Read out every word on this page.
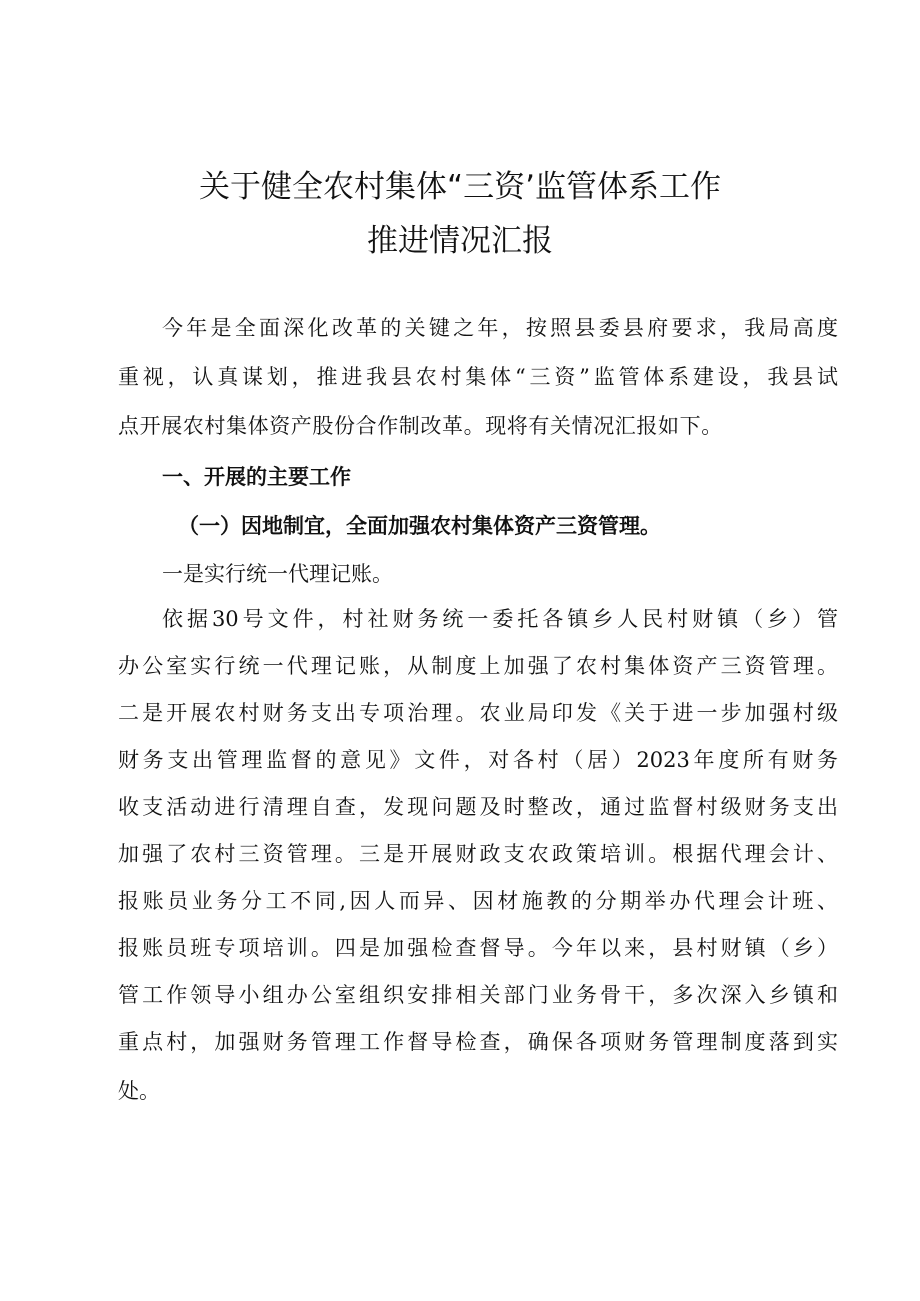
关于健全农村集体“三资’监管体系工作
推进情况汇报

今年是全面深化改革的关键之年，按照县委县府要求，我局高度

重视，认真谋划，推进我县农村集体“三资”监管体系建设，我县试

点开展农村集体资产股份合作制改革。现将有关情况汇报如下。

一、开展的主要工作

（一）因地制宜，全面加强农村集体资产三资管理。

一是实行统一代理记账。

依据30号文件，村社财务统一委托各镇乡人民村财镇（乡）管

办公室实行统一代理记账，从制度上加强了农村集体资产三资管理。

二是开展农村财务支出专项治理。农业局印发《关于进一步加强村级

财务支出管理监督的意见》文件，对各村（居）2023年度所有财务

收支活动进行清理自查，发现问题及时整改，通过监督村级财务支出

加强了农村三资管理。三是开展财政支农政策培训。根据代理会计、

报账员业务分工不同,因人而异、因材施教的分期举办代理会计班、

报账员班专项培训。四是加强检查督导。今年以来，县村财镇（乡）

管工作领导小组办公室组织安排相关部门业务骨干，多次深入乡镇和

重点村，加强财务管理工作督导检查，确保各项财务管理制度落到实

处。
